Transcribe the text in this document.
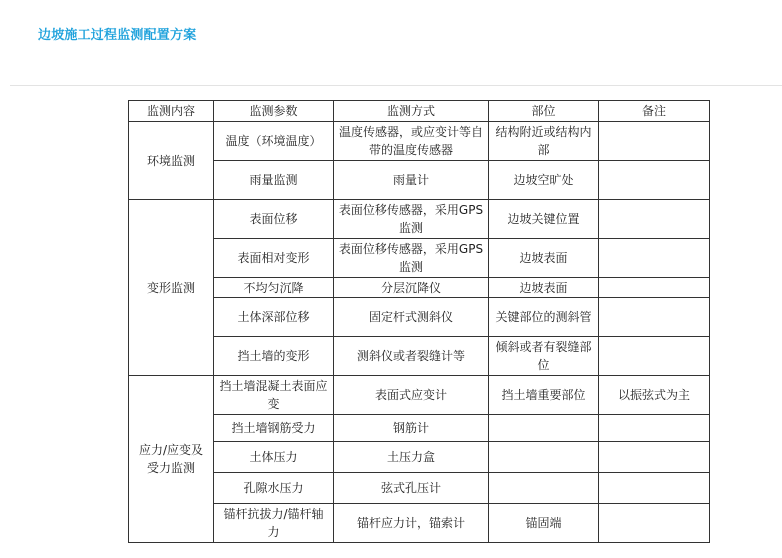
边坡施工过程监测配置方案
监测内容	监测参数	监测方式	部位	备注
环境监测	温度（环境温度）	温度传感器，或应变计等自带的温度传感器	结构附近或结构内部	
	雨量监测	雨量计	边坡空旷处	
变形监测	表面位移	表面位移传感器，采用GPS监测	边坡关键位置	
	表面相对变形	表面位移传感器，采用GPS监测	边坡表面	
	不均匀沉降	分层沉降仪	边坡表面	
	土体深部位移	固定杆式测斜仪	关键部位的测斜管	
	挡土墙的变形	测斜仪或者裂缝计等	倾斜或者有裂缝部位	
应力/应变及受力监测	挡土墙混凝土表面应变	表面式应变计	挡土墙重要部位	以振弦式为主
	挡土墙钢筋受力	钢筋计		
	土体压力	土压力盒		
	孔隙水压力	弦式孔压计		
	锚杆抗拔力/锚杆轴力	锚杆应力计，锚索计	锚固端	
